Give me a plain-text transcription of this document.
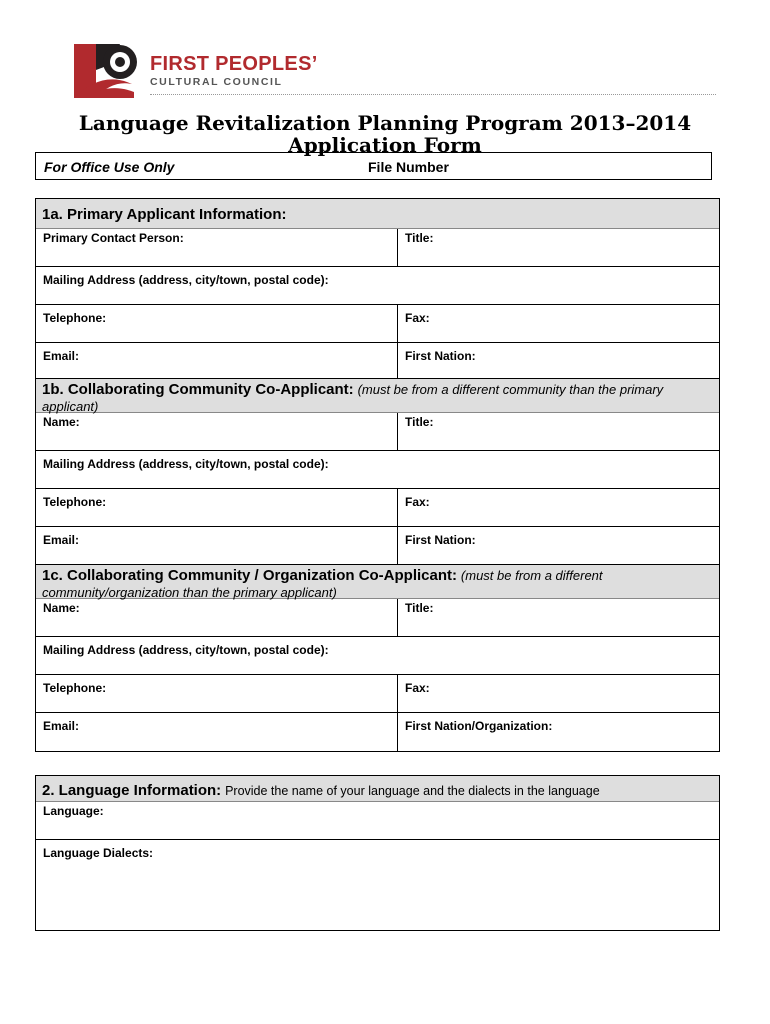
FIRST PEOPLES’
CULTURAL COUNCIL
Language Revitalization Planning Program 2013–2014
Application Form
For Office Use Only	File Number
1a. Primary Applicant Information:
Primary Contact Person:	Title:
Mailing Address (address, city/town, postal code):
Telephone:	Fax:
Email:	First Nation:
1b. Collaborating Community Co-Applicant: (must be from a different community than the primary applicant)
Name:	Title:
Mailing Address (address, city/town, postal code):
Telephone:	Fax:
Email:	First Nation:
1c. Collaborating Community / Organization Co-Applicant: (must be from a different community/organization than the primary applicant)
Name:	Title:
Mailing Address (address, city/town, postal code):
Telephone:	Fax:
Email:	First Nation/Organization:
2. Language Information: Provide the name of your language and the dialects in the language
Language:
Language Dialects:
